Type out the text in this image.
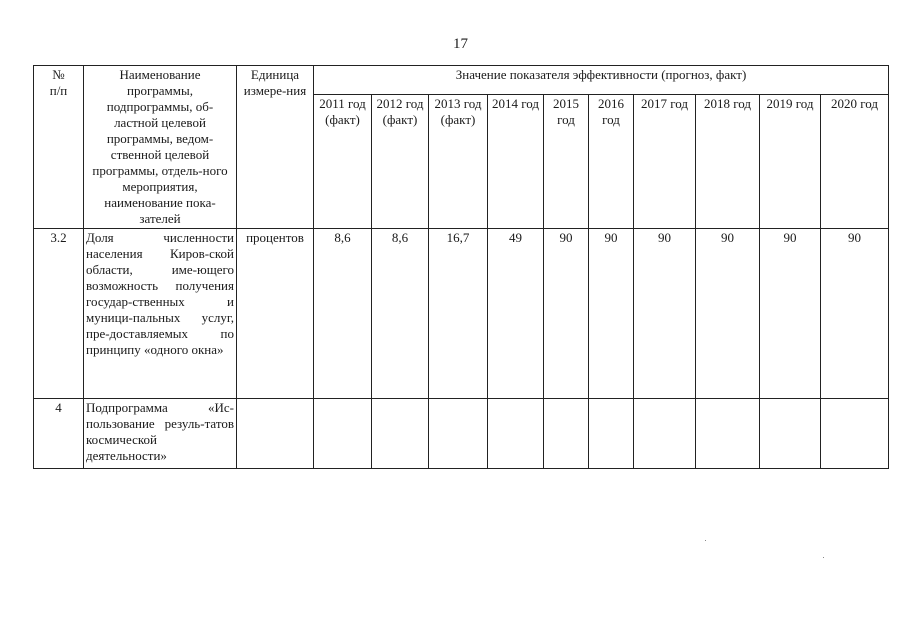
17
№
п/п	Наименование программы, подпрограммы, об-ластной целевой программы, ведом-ственной целевой программы, отдель-ного мероприятия, наименование пока-зателей	Единица измере-ния	Значение показателя эффективности (прогноз, факт)									
			2011 год (факт)	2012 год (факт)	2013 год (факт)	2014 год	2015 год	2016 год	2017 год	2018 год	2019 год	2020 год
3.2	Доля численности населения Киров-ской области, име-ющего возможность получения государ-ственных и муници-пальных услуг, пре-доставляемых по принципу «одного окна»	процентов	8,6	8,6	16,7	49	90	90	90	90	90	90
4	Подпрограмма «Ис-пользование резуль-татов космической деятельности»											
